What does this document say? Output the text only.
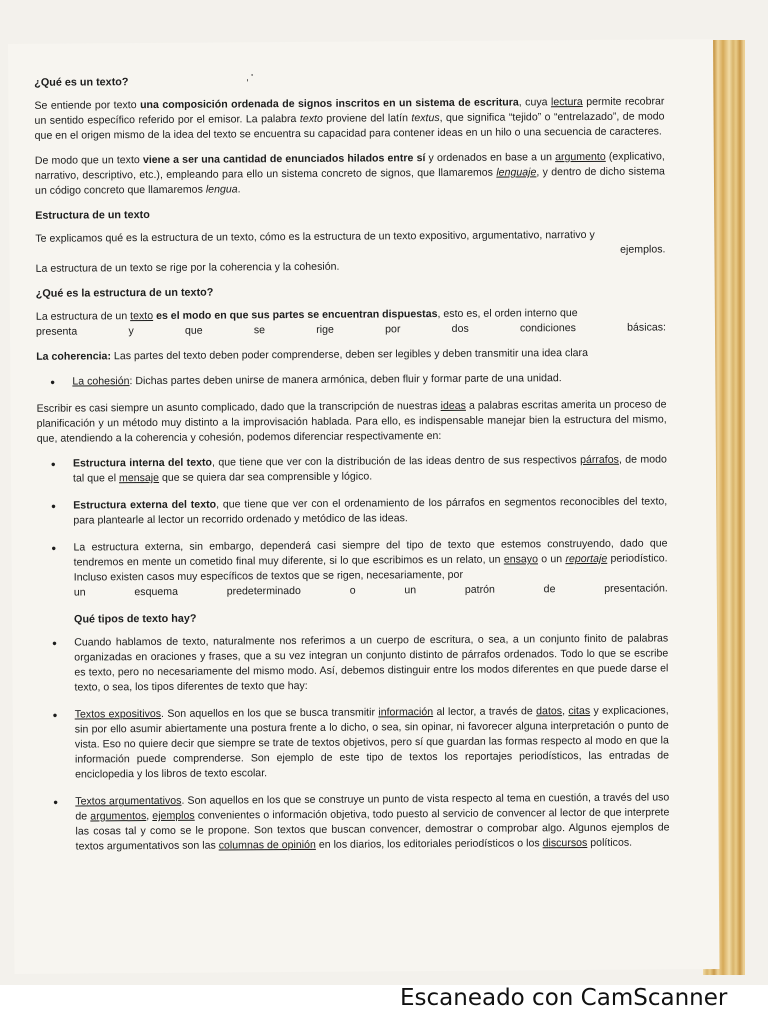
, '
¿Qué es un texto?
Se entiende por texto una composición ordenada de signos inscritos en un sistema de escritura, cuya lectura permite recobrar un sentido específico referido por el emisor. La palabra texto proviene del latín textus, que significa “tejido” o “entrelazado”, de modo que en el origen mismo de la idea del texto se encuentra su capacidad para contener ideas en un hilo o una secuencia de caracteres.
De modo que un texto viene a ser una cantidad de enunciados hilados entre sí y ordenados en base a un argumento (explicativo, narrativo, descriptivo, etc.), empleando para ello un sistema concreto de signos, que llamaremos lenguaje, y dentro de dicho sistema un código concreto que llamaremos lengua.
Estructura de un texto
Te explicamos qué es la estructura de un texto, cómo es la estructura de un texto expositivo, argumentativo, narrativo y
ejemplos.
La estructura de un texto se rige por la coherencia y la cohesión.
¿Qué es la estructura de un texto?
La estructura de un texto es el modo en que sus partes se encuentran dispuestas, esto es, el orden interno que
presenta y que se rige por dos condiciones básicas:
La coherencia: Las partes del texto deben poder comprenderse, deben ser legibles y deben transmitir una idea clara
• La cohesión: Dichas partes deben unirse de manera armónica, deben fluir y formar parte de una unidad.
Escribir es casi siempre un asunto complicado, dado que la transcripción de nuestras ideas a palabras escritas amerita un proceso de planificación y un método muy distinto a la improvisación hablada. Para ello, es indispensable manejar bien la estructura del mismo, que, atendiendo a la coherencia y cohesión, podemos diferenciar respectivamente en:
• Estructura interna del texto, que tiene que ver con la distribución de las ideas dentro de sus respectivos párrafos, de modo tal que el mensaje que se quiera dar sea comprensible y lógico.
• Estructura externa del texto, que tiene que ver con el ordenamiento de los párrafos en segmentos reconocibles del texto, para plantearle al lector un recorrido ordenado y metódico de las ideas.
• La estructura externa, sin embargo, dependerá casi siempre del tipo de texto que estemos construyendo, dado que tendremos en mente un cometido final muy diferente, si lo que escribimos es un relato, un ensayo o un reportaje periodístico. Incluso existen casos muy específicos de textos que se rigen, necesariamente, por
un esquema predeterminado o un patrón de presentación.
Qué tipos de texto hay?
• Cuando hablamos de texto, naturalmente nos referimos a un cuerpo de escritura, o sea, a un conjunto finito de palabras organizadas en oraciones y frases, que a su vez integran un conjunto distinto de párrafos ordenados. Todo lo que se escribe es texto, pero no necesariamente del mismo modo. Así, debemos distinguir entre los modos diferentes en que puede darse el texto, o sea, los tipos diferentes de texto que hay:
• Textos expositivos. Son aquellos en los que se busca transmitir información al lector, a través de datos, citas y explicaciones, sin por ello asumir abiertamente una postura frente a lo dicho, o sea, sin opinar, ni favorecer alguna interpretación o punto de vista. Eso no quiere decir que siempre se trate de textos objetivos, pero sí que guardan las formas respecto al modo en que la información puede comprenderse. Son ejemplo de este tipo de textos los reportajes periodísticos, las entradas de enciclopedia y los libros de texto escolar.
• Textos argumentativos. Son aquellos en los que se construye un punto de vista respecto al tema en cuestión, a través del uso de argumentos, ejemplos convenientes o información objetiva, todo puesto al servicio de convencer al lector de que interprete las cosas tal y como se le propone. Son textos que buscan convencer, demostrar o comprobar algo. Algunos ejemplos de textos argumentativos son las columnas de opinión en los diarios, los editoriales periodísticos o los discursos políticos.
Escaneado con CamScanner
